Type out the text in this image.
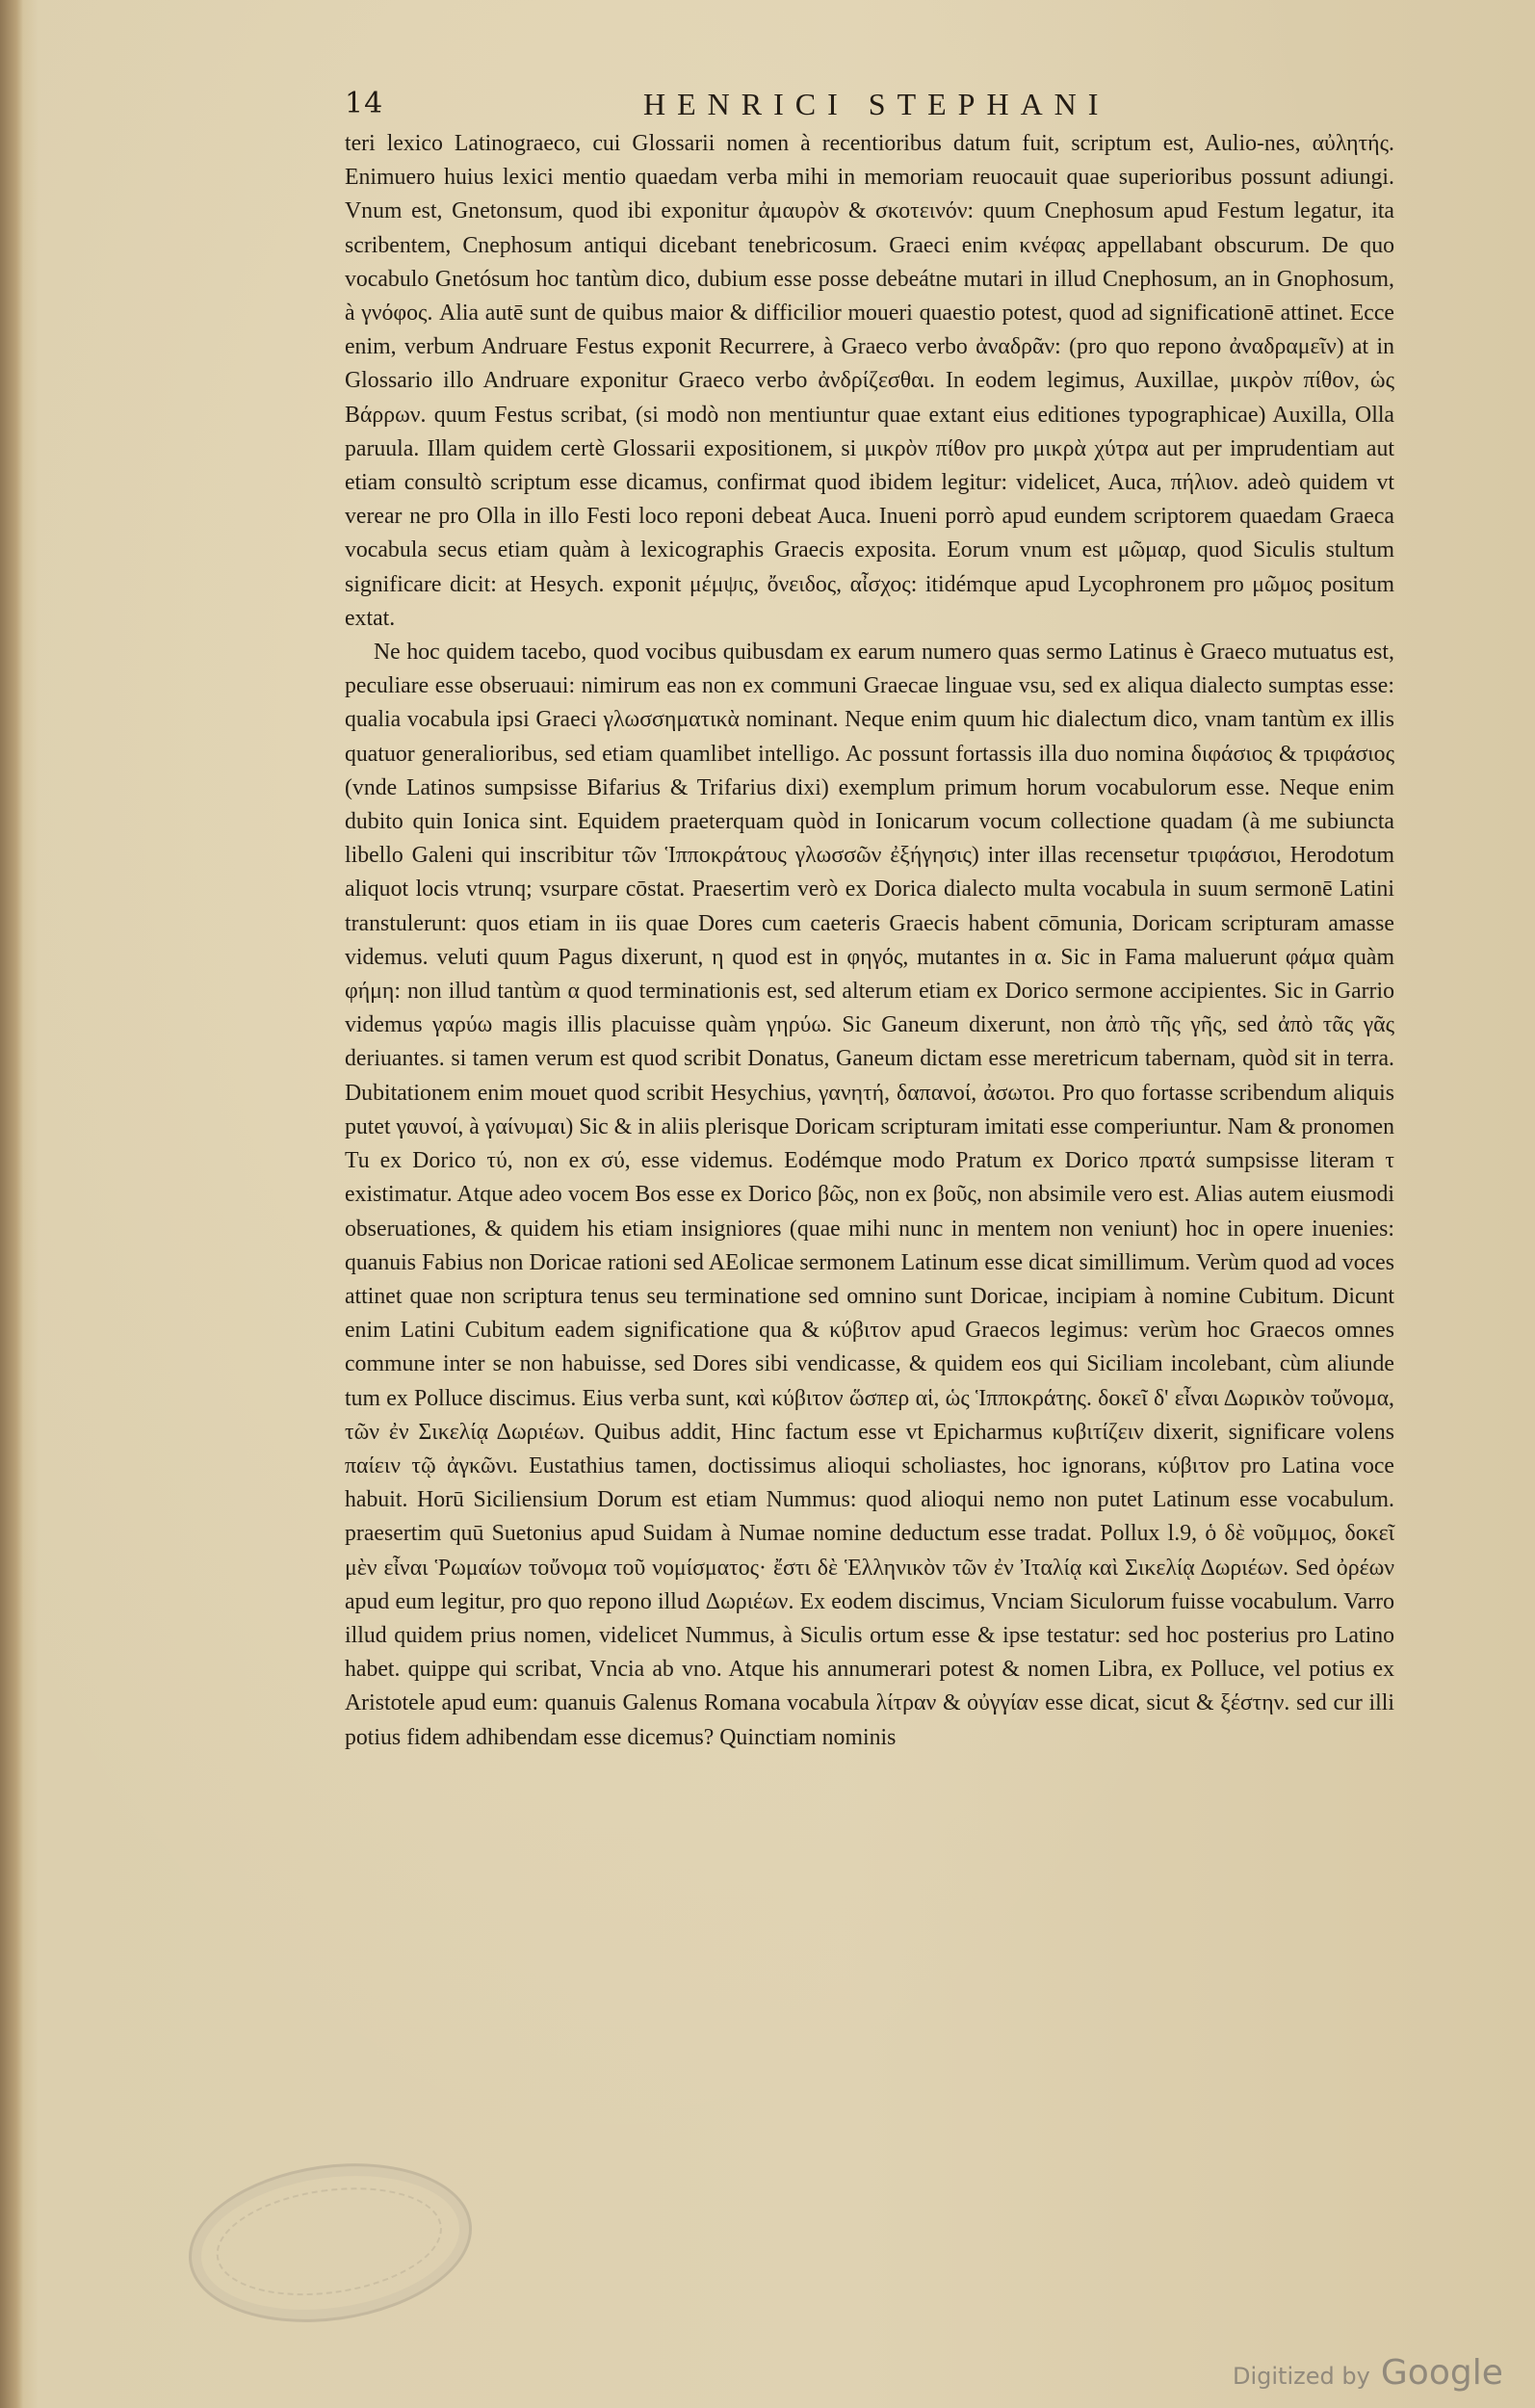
14	HENRICI STEPHANI

teri lexico Latinograeco, cui Glossarii nomen à recentioribus datum fuit, scriptum est, Aulio-nes, αὐλητής. Enimuero huius lexici mentio quaedam verba mihi in memoriam reuocauit quae superioribus possunt adiungi. Vnum est, Gnetonsum, quod ibi exponitur ἀμαυρὸν & σκοτεινόν: quum Cnephosum apud Festum legatur, ita scribentem, Cnephosum antiqui dicebant tenebricosum. Graeci enim κνέφας appellabant obscurum. De quo vocabulo Gnetósum hoc tantùm dico, dubium esse posse debeátne mutari in illud Cnephosum, an in Gnophosum, à γνόφος. Alia autē sunt de quibus maior & difficilior moueri quaestio potest, quod ad significationē attinet. Ecce enim, verbum Andruare Festus exponit Recurrere, à Graeco verbo ἀναδρᾶν: (pro quo repono ἀναδραμεῖν) at in Glossario illo Andruare exponitur Graeco verbo ἀνδρίζεσθαι. In eodem legimus, Auxillae, μικρὸν πίθον, ὡς Βάρρων. quum Festus scribat, (si modò non mentiuntur quae extant eius editiones typographicae) Auxilla, Olla paruula. Illam quidem certè Glossarii expositionem, si μικρὸν πίθον pro μικρὰ χύτρα aut per imprudentiam aut etiam consultò scriptum esse dicamus, confirmat quod ibidem legitur: videlicet, Auca, πήλιον. adeò quidem vt verear ne pro Olla in illo Festi loco reponi debeat Auca. Inueni porrò apud eundem scriptorem quaedam Graeca vocabula secus etiam quàm à lexicographis Graecis exposita. Eorum vnum est μῶμαρ, quod Siculis stultum significare dicit: at Hesych. exponit μέμψις, ὄνειδος, αἶσχος: itidémque apud Lycophronem pro μῶμος positum extat.

Ne hoc quidem tacebo, quod vocibus quibusdam ex earum numero quas sermo Latinus è Graeco mutuatus est, peculiare esse obseruaui: nimirum eas non ex communi Graecae linguae vsu, sed ex aliqua dialecto sumptas esse: qualia vocabula ipsi Graeci γλωσσηματικὰ nominant. Neque enim quum hic dialectum dico, vnam tantùm ex illis quatuor generalioribus, sed etiam quamlibet intelligo. Ac possunt fortassis illa duo nomina διφάσιος & τριφάσιος (vnde Latinos sumpsisse Bifarius & Trifarius dixi) exemplum primum horum vocabulorum esse. Neque enim dubito quin Ionica sint. Equidem praeterquam quòd in Ionicarum vocum collectione quadam (à me subiuncta libello Galeni qui inscribitur τῶν Ἱπποκράτους γλωσσῶν ἐξήγησις) inter illas recensetur τριφάσιοι, Herodotum aliquot locis vtrunq; vsurpare cōstat. Praesertim verò ex Dorica dialecto multa vocabula in suum sermonē Latini transtulerunt: quos etiam in iis quae Dores cum caeteris Graecis habent cōmunia, Doricam scripturam amasse videmus. veluti quum Pagus dixerunt, η quod est in φηγός, mutantes in α. Sic in Fama maluerunt φάμα quàm φήμη: non illud tantùm α quod terminationis est, sed alterum etiam ex Dorico sermone accipientes. Sic in Garrio videmus γαρύω magis illis placuisse quàm γηρύω. Sic Ganeum dixerunt, non ἀπὸ τῆς γῆς, sed ἀπὸ τᾶς γᾶς deriuantes. si tamen verum est quod scribit Donatus, Ganeum dictam esse meretricum tabernam, quòd sit in terra. Dubitationem enim mouet quod scribit Hesychius, γανητή, δαπανοί, ἀσωτοι. Pro quo fortasse scribendum aliquis putet γαυνοί, à γαίνυμαι) Sic & in aliis plerisque Doricam scripturam imitati esse comperiuntur. Nam & pronomen Tu ex Dorico τύ, non ex σύ, esse videmus. Eodémque modo Pratum ex Dorico πρατά sumpsisse literam τ existimatur. Atque adeo vocem Bos esse ex Dorico βῶς, non ex βοῦς, non absimile vero est. Alias autem eiusmodi obseruationes, & quidem his etiam insigniores (quae mihi nunc in mentem non veniunt) hoc in opere inuenies: quanuis Fabius non Doricae rationi sed AEolicae sermonem Latinum esse dicat simillimum. Verùm quod ad voces attinet quae non scriptura tenus seu terminatione sed omnino sunt Doricae, incipiam à nomine Cubitum. Dicunt enim Latini Cubitum eadem significatione qua & κύβιτον apud Graecos legimus: verùm hoc Graecos omnes commune inter se non habuisse, sed Dores sibi vendicasse, & quidem eos qui Siciliam incolebant, cùm aliunde tum ex Polluce discimus. Eius verba sunt, καὶ κύβιτον ὥσπερ αἱ, ὡς Ἱπποκράτης. δοκεῖ δ' εἶναι Δωρικὸν τοὔνομα, τῶν ἐν Σικελίᾳ Δωριέων. Quibus addit, Hinc factum esse vt Epicharmus κυβιτίζειν dixerit, significare volens παίειν τῷ ἀγκῶνι. Eustathius tamen, doctissimus alioqui scholiastes, hoc ignorans, κύβιτον pro Latina voce habuit. Horū Siciliensium Dorum est etiam Nummus: quod alioqui nemo non putet Latinum esse vocabulum. praesertim quū Suetonius apud Suidam à Numae nomine deductum esse tradat. Pollux l.9, ὁ δὲ νοῦμμος, δοκεῖ μὲν εἶναι Ῥωμαίων τοὔνομα τοῦ νομίσματος· ἔστι δὲ Ἑλληνικὸν τῶν ἐν Ἰταλίᾳ καὶ Σικελίᾳ Δωριέων. Sed ὀρέων apud eum legitur, pro quo repono illud Δωριέων. Ex eodem discimus, Vnciam Siculorum fuisse vocabulum. Varro illud quidem prius nomen, videlicet Nummus, à Siculis ortum esse & ipse testatur: sed hoc posterius pro Latino habet. quippe qui scribat, Vncia ab vno. Atque his annumerari potest & nomen Libra, ex Polluce, vel potius ex Aristotele apud eum: quanuis Galenus Romana vocabula λίτραν & οὐγγίαν esse dicat, sicut & ξέστην. sed cur illi potius fidem adhibendam esse dicemus? Quinctiam nominis

Digitized by Google
